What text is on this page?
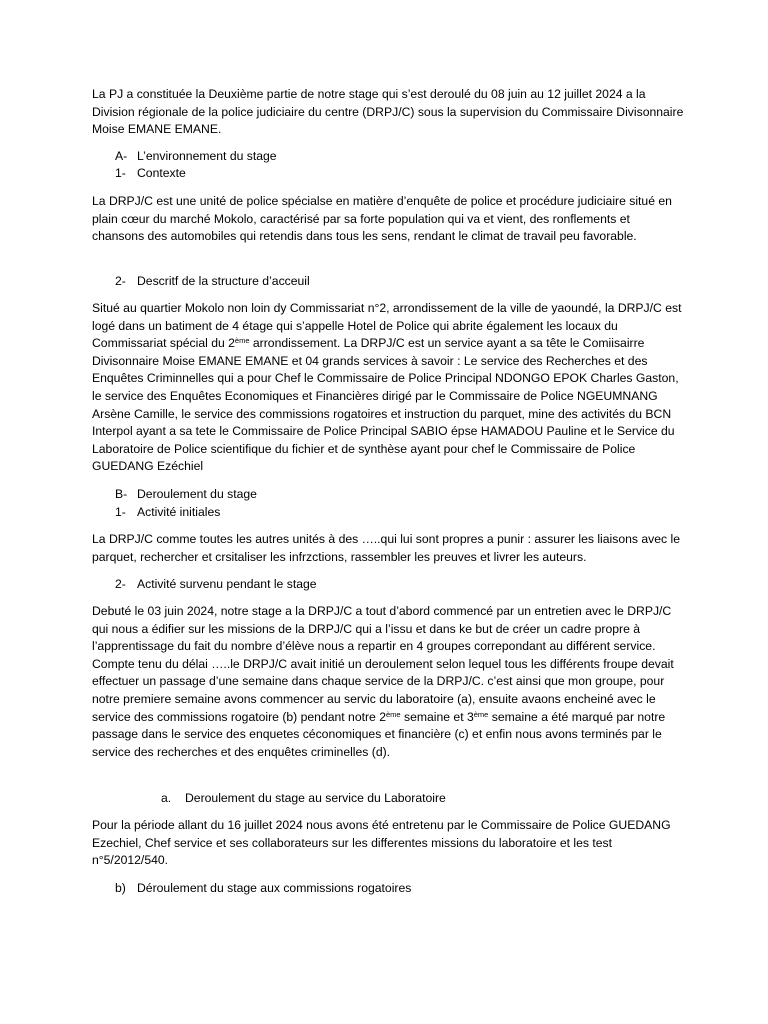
La PJ a constituée la Deuxième partie de notre stage qui s’est deroulé du 08 juin au 12 juillet 2024 a la Division régionale de la police judiciaire du centre (DRPJ/C) sous la supervision du Commissaire Divisonnaire Moise EMANE EMANE.

A- L’environnement du stage
1- Contexte

La DRPJ/C est une unité de police spécialse en matière d’enquête de police et procédure judiciaire situé en plain cœur du marché Mokolo, caractérisé par sa forte population qui va et vient, des ronflements et chansons des automobiles qui retendis dans tous les sens, rendant le climat de travail peu favorable.

2- Descritf de la structure d’acceuil

Situé au quartier Mokolo non loin dy Commissariat n°2, arrondissement de la ville de yaoundé, la DRPJ/C est logé dans un batiment de 4 étage qui s’appelle Hotel de Police qui abrite également les locaux du Commissariat spécial du 2ème arrondissement. La DRPJ/C est un service ayant a sa tête le Comiisairre Divisonnaire Moise EMANE EMANE et 04 grands services à savoir : Le service des Recherches et des Enquêtes Criminnelles qui a pour Chef le Commissaire de Police Principal NDONGO EPOK Charles Gaston, le service des Enquêtes Economiques et Financières dirigé par le Commissaire de Police NGEUMNANG Arsène Camille, le service des commissions rogatoires et instruction du parquet, mine des activités du BCN Interpol ayant a sa tete le Commissaire de Police Principal SABIO épse HAMADOU Pauline et le Service du Laboratoire de Police scientifique du fichier et de synthèse ayant pour chef le Commissaire de Police GUEDANG Ezéchiel

B- Deroulement du stage
1- Activité initiales

La DRPJ/C comme toutes les autres unités à des …..qui lui sont propres a punir : assurer les liaisons avec le parquet, rechercher et crsitaliser les infrzctions, rassembler les preuves et livrer les auteurs.

2- Activité survenu pendant le stage

Debuté le 03 juin 2024, notre stage a la DRPJ/C a tout d’abord commencé par un entretien avec le DRPJ/C qui nous a édifier sur les missions de la DRPJ/C qui a l’issu et dans ke but de créer un cadre propre à l’apprentissage du fait du nombre d’élève nous a repartir en 4 groupes correpondant au différent service. Compte tenu du délai …..le DRPJ/C avait initié un deroulement selon lequel tous les différents froupe devait effectuer un passage d’une semaine dans chaque service de la DRPJ/C. c’est ainsi que mon groupe, pour notre premiere semaine avons commencer au servic du laboratoire (a), ensuite avaons encheiné avec le service des commissions rogatoire (b) pendant notre 2ème semaine et 3ème semaine a été marqué par notre passage dans le service des enquetes céconomiques et financière (c) et enfin nous avons terminés par le service des recherches et des enquêtes criminelles (d).

a. Deroulement du stage au service du Laboratoire

Pour la période allant du 16 juillet 2024 nous avons été entretenu par le Commissaire de Police GUEDANG Ezechiel, Chef service et ses collaborateurs sur les differentes missions du laboratoire et les test n°5/2012/540.

b) Déroulement du stage aux commissions rogatoires
